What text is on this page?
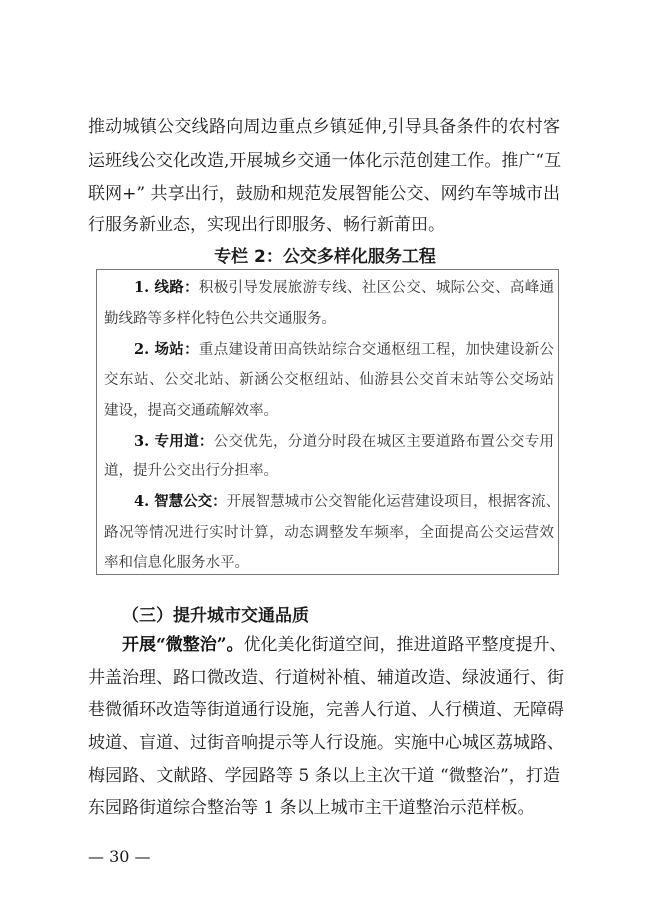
推动城镇公交线路向周边重点乡镇延伸,引导具备条件的农村客
运班线公交化改造,开展城乡交通一体化示范创建工作。推广“互
联网+” 共享出行，鼓励和规范发展智能公交、网约车等城市出
行服务新业态，实现出行即服务、畅行新莆田。
专栏 2：公交多样化服务工程
1. 线路：积极引导发展旅游专线、社区公交、城际公交、高峰通
勤线路等多样化特色公共交通服务。
2. 场站：重点建设莆田高铁站综合交通枢纽工程，加快建设新公
交东站、公交北站、新涵公交枢纽站、仙游县公交首末站等公交场站
建设，提高交通疏解效率。
3. 专用道：公交优先，分道分时段在城区主要道路布置公交专用
道，提升公交出行分担率。
4. 智慧公交：开展智慧城市公交智能化运营建设项目，根据客流、
路况等情况进行实时计算，动态调整发车频率，全面提高公交运营效
率和信息化服务水平。
（三）提升城市交通品质
开展“微整治”。优化美化街道空间，推进道路平整度提升、
井盖治理、路口微改造、行道树补植、辅道改造、绿波通行、街
巷微循环改造等街道通行设施，完善人行道、人行横道、无障碍
坡道、盲道、过街音响提示等人行设施。实施中心城区荔城路、
梅园路、文献路、学园路等 5 条以上主次干道 “微整治”，打造
东园路街道综合整治等 1 条以上城市主干道整治示范样板。
— 30 —
